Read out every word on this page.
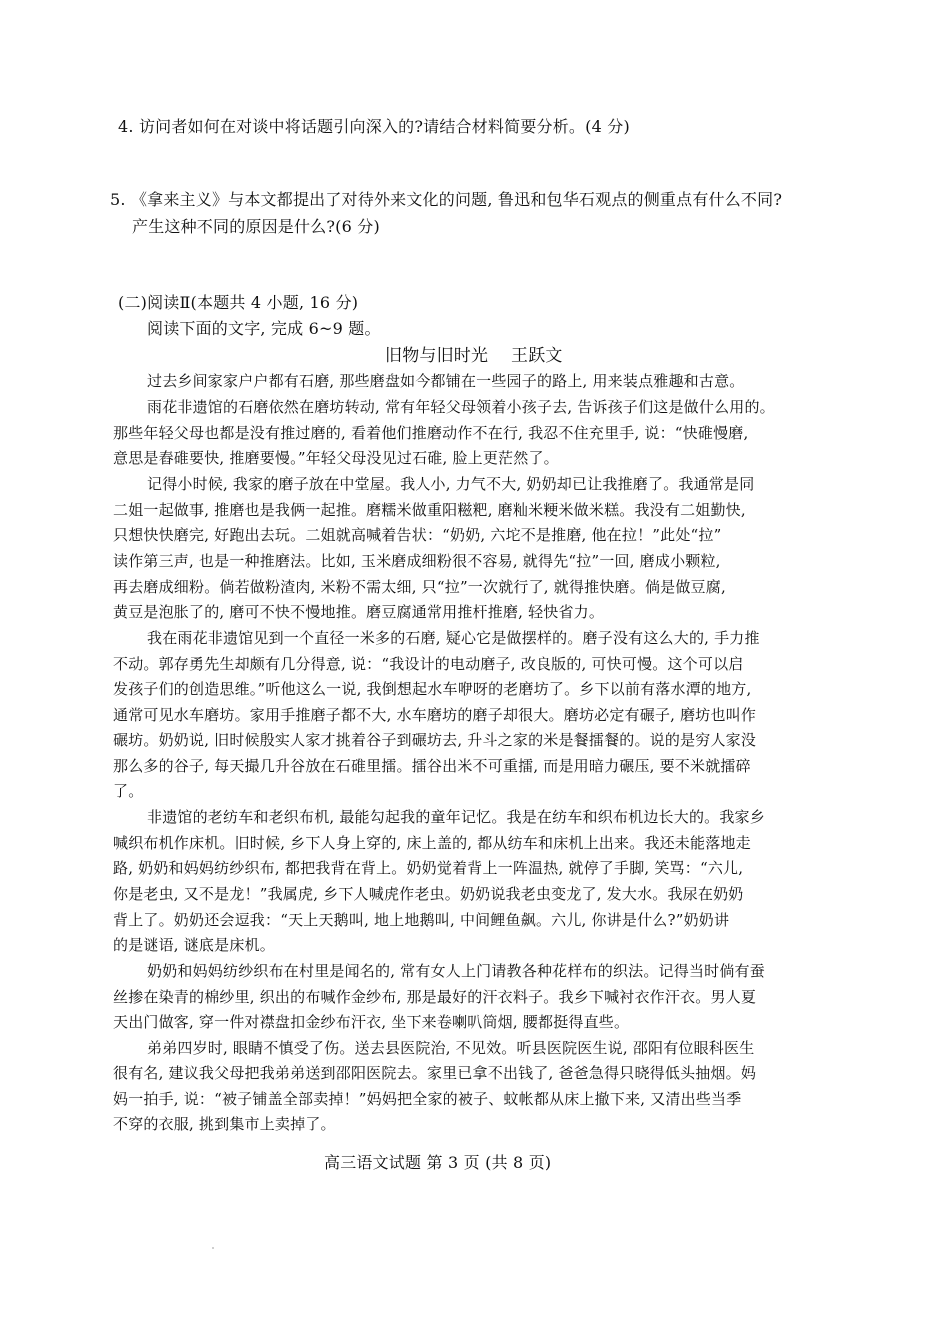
4. 访问者如何在对谈中将话题引向深入的?请结合材料简要分析。(4 分)
5. 《拿来主义》与本文都提出了对待外来文化的问题, 鲁迅和包华石观点的侧重点有什么不同?
产生这种不同的原因是什么?(6 分)
(二)阅读Ⅱ(本题共 4 小题, 16 分)
阅读下面的文字, 完成 6~9 题。
旧物与旧时光　 王跃文
过去乡间家家户户都有石磨, 那些磨盘如今都铺在一些园子的路上, 用来装点雅趣和古意。
雨花非遗馆的石磨依然在磨坊转动, 常有年轻父母领着小孩子去, 告诉孩子们这是做什么用的。
那些年轻父母也都是没有推过磨的, 看着他们推磨动作不在行, 我忍不住充里手, 说：“快碓慢磨,
意思是舂碓要快, 推磨要慢。”年轻父母没见过石碓, 脸上更茫然了。
记得小时候, 我家的磨子放在中堂屋。我人小, 力气不大, 奶奶却已让我推磨了。我通常是同
二姐一起做事, 推磨也是我俩一起推。磨糯米做重阳糍粑, 磨籼米粳米做米糕。我没有二姐勤快,
只想快快磨完, 好跑出去玩。二姐就高喊着告状：“奶奶, 六坨不是推磨, 他在拉！”此处“拉”
读作第三声, 也是一种推磨法。比如, 玉米磨成细粉很不容易, 就得先“拉”一回, 磨成小颗粒,
再去磨成细粉。倘若做粉渣肉, 米粉不需太细, 只“拉”一次就行了, 就得推快磨。倘是做豆腐,
黄豆是泡胀了的, 磨可不快不慢地推。磨豆腐通常用推杆推磨, 轻快省力。
我在雨花非遗馆见到一个直径一米多的石磨, 疑心它是做摆样的。磨子没有这么大的, 手力推
不动。郭存勇先生却颇有几分得意, 说：“我设计的电动磨子, 改良版的, 可快可慢。这个可以启
发孩子们的创造思维。”听他这么一说, 我倒想起水车咿呀的老磨坊了。乡下以前有落水潭的地方,
通常可见水车磨坊。家用手推磨子都不大, 水车磨坊的磨子却很大。磨坊必定有碾子, 磨坊也叫作
碾坊。奶奶说, 旧时候殷实人家才挑着谷子到碾坊去, 升斗之家的米是餐擂餐的。说的是穷人家没
那么多的谷子, 每天撮几升谷放在石碓里擂。擂谷出米不可重擂, 而是用暗力碾压, 要不米就擂碎
了。
非遗馆的老纺车和老织布机, 最能勾起我的童年记忆。我是在纺车和织布机边长大的。我家乡
喊织布机作床机。旧时候, 乡下人身上穿的, 床上盖的, 都从纺车和床机上出来。我还未能落地走
路, 奶奶和妈妈纺纱织布, 都把我背在背上。奶奶觉着背上一阵温热, 就停了手脚, 笑骂：“六儿,
你是老虫, 又不是龙！”我属虎, 乡下人喊虎作老虫。奶奶说我老虫变龙了, 发大水。我尿在奶奶
背上了。奶奶还会逗我：“天上天鹅叫, 地上地鹅叫, 中间鲤鱼飙。六儿, 你讲是什么?”奶奶讲
的是谜语, 谜底是床机。
奶奶和妈妈纺纱织布在村里是闻名的, 常有女人上门请教各种花样布的织法。记得当时倘有蚕
丝掺在染青的棉纱里, 织出的布喊作金纱布, 那是最好的汗衣料子。我乡下喊衬衣作汗衣。男人夏
天出门做客, 穿一件对襟盘扣金纱布汗衣, 坐下来卷喇叭筒烟, 腰都挺得直些。
弟弟四岁时, 眼睛不慎受了伤。送去县医院治, 不见效。听县医院医生说, 邵阳有位眼科医生
很有名, 建议我父母把我弟弟送到邵阳医院去。家里已拿不出钱了, 爸爸急得只晓得低头抽烟。妈
妈一拍手, 说：“被子铺盖全部卖掉！”妈妈把全家的被子、蚊帐都从床上撤下来, 又清出些当季
不穿的衣服, 挑到集市上卖掉了。
高三语文试题 第 3 页 (共 8 页)
